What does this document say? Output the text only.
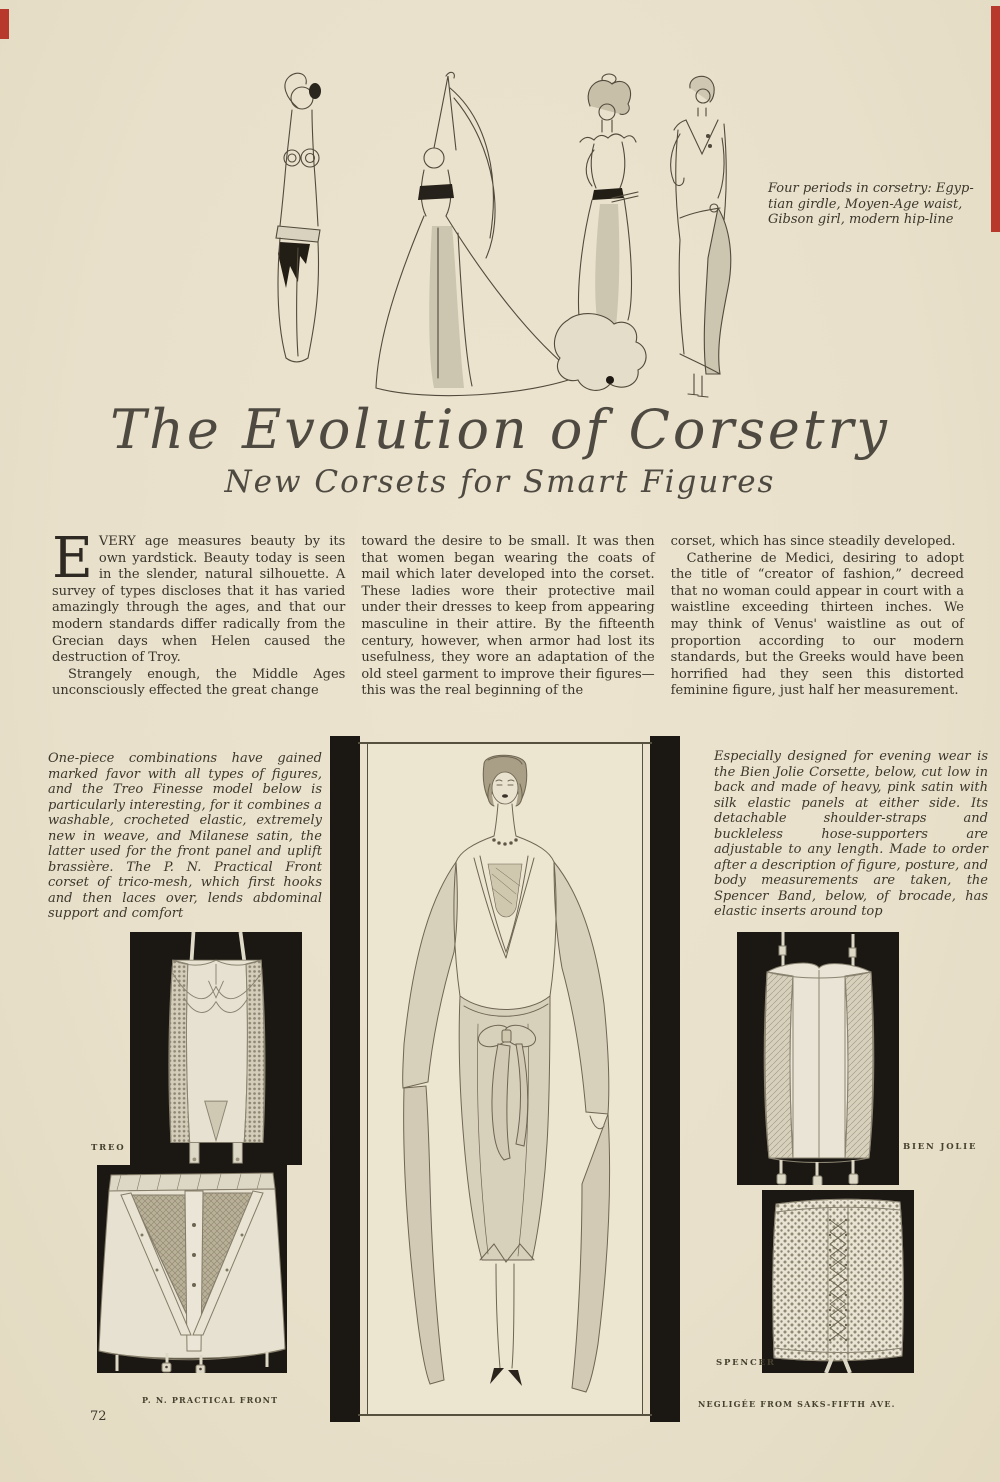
Four periods in corsetry: Egyp-
tian girdle, Moyen-Age waist,
Gibson girl, modern hip-line
The Evolution of Corsetry
New Corsets for Smart Figures

EVERY age measures beauty by its own yardstick. Beauty today is seen in the slender, natural silhouette. A survey of types discloses that it has varied amazingly through the ages, and that our modern standards differ radically from the Grecian days when Helen caused the destruction of Troy.

Strangely enough, the Middle Ages unconsciously effected the great change

toward the desire to be small. It was then that women began wearing the coats of mail which later developed into the corset. These ladies wore their protective mail under their dresses to keep from appearing masculine in their attire. By the fifteenth century, however, when armor had lost its usefulness, they wore an adaptation of the old steel garment to improve their figures—this was the real beginning of the

corset, which has since steadily developed.

Catherine de Medici, desiring to adopt the title of “creator of fashion,” decreed that no woman could appear in court with a waistline exceeding thirteen inches. We may think of Venus' waistline as out of proportion according to our modern standards, but the Greeks would have been horrified had they seen this distorted feminine figure, just half her measurement.

One-piece combinations have gained marked favor with all types of figures, and the Treo Finesse model below is particularly interesting, for it combines a washable, crocheted elastic, extremely new in weave, and Milanese satin, the latter used for the front panel and uplift brassière. The P. N. Practical Front corset of trico-mesh, which first hooks and then laces over, lends abdominal support and comfort
Especially designed for evening wear is the Bien Jolie Corsette, below, cut low in back and made of heavy, pink satin with silk elastic panels at either side. Its detachable shoulder-straps and buckleless hose-supporters are adjustable to any length. Made to order after a description of figure, posture, and body measurements are taken, the Spencer Band, below, of brocade, has elastic inserts around top
TREO
P. N. PRACTICAL FRONT
BIEN JOLIE
SPENCER
NEGLIGÉE FROM SAKS-FIFTH AVE.
72
